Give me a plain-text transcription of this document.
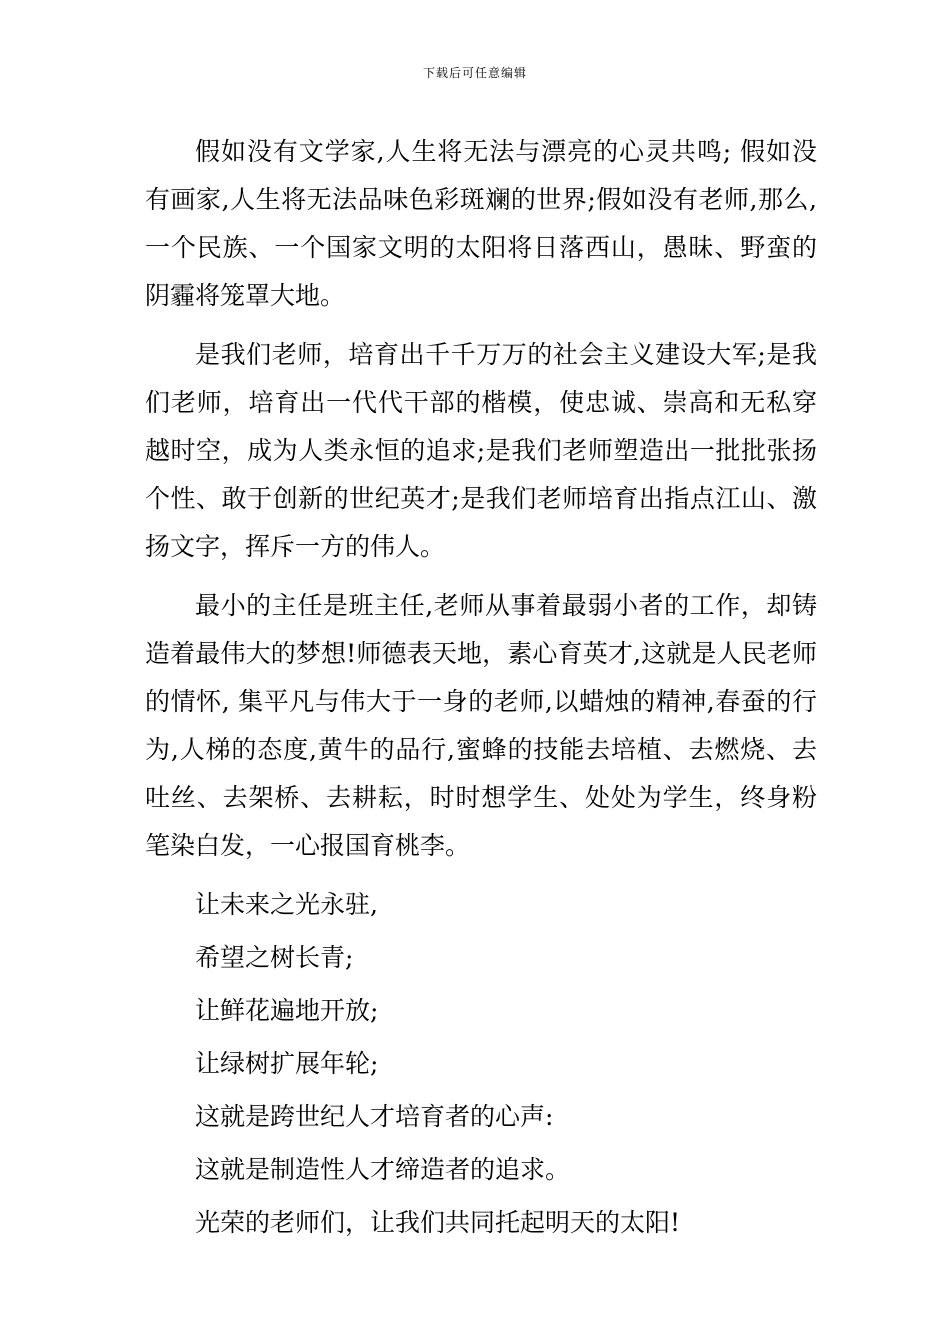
下载后可任意编辑

假如没有文学家,人生将无法与漂亮的心灵共鸣; 假如没有画家,人生将无法品味色彩斑斓的世界;假如没有老师,那么,一个民族、一个国家文明的太阳将日落西山，愚昧、野蛮的阴霾将笼罩大地。

是我们老师，培育出千千万万的社会主义建设大军;是我们老师，培育出一代代干部的楷模，使忠诚、崇高和无私穿越时空，成为人类永恒的追求;是我们老师塑造出一批批张扬个性、敢于创新的世纪英才;是我们老师培育出指点江山、激扬文字，挥斥一方的伟人。

最小的主任是班主任,老师从事着最弱小者的工作，却铸造着最伟大的梦想!师德表天地，素心育英才,这就是人民老师的情怀, 集平凡与伟大于一身的老师,以蜡烛的精神,春蚕的行为,人梯的态度,黄牛的品行,蜜蜂的技能去培植、去燃烧、去吐丝、去架桥、去耕耘，时时想学生、处处为学生，终身粉笔染白发，一心报国育桃李。

让未来之光永驻,

希望之树长青;

让鲜花遍地开放;

让绿树扩展年轮;

这就是跨世纪人才培育者的心声:

这就是制造性人才缔造者的追求。

光荣的老师们，让我们共同托起明天的太阳!
